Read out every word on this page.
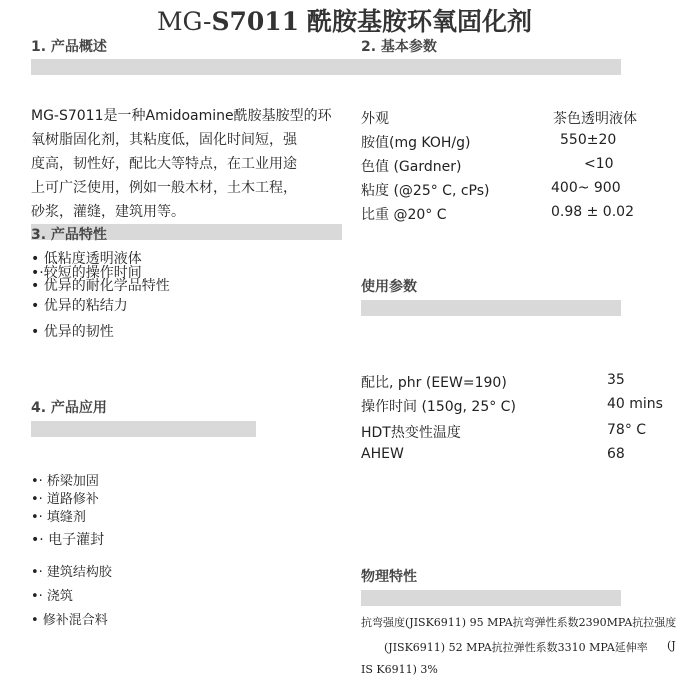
MG-S7011 酰胺基胺环氧固化剂
1. 产品概述
MG-S7011是一种Amidoamine酰胺基胺型的环
氧树脂固化剂，其粘度低，固化时间短，强
度高，韧性好，配比大等特点，在工业用途
上可广泛使用，例如一般木材，土木工程，
砂浆，灌缝，建筑用等。
3. 产品特性
• 低粘度透明液体
•·较短的操作时间
• 优异的耐化学品特性
• 优异的粘结力
• 优异的韧性
4. 产品应用
•· 桥梁加固
•· 道路修补
•· 填缝剂
•· 电子灌封
•· 建筑结构胶
•· 浇筑
• 修补混合料
2. 基本参数
外观	茶色透明液体
胺值(mg KOH/g)	550±20
色值 (Gardner)	<10
粘度 (@25° C, cPs)	400~ 900
比重 @20° C	0.98 ± 0.02
使用参数
配比, phr (EEW=190)	35
操作时间 (150g, 25° C)	40 mins
HDT热变性温度	78° C
AHEW	68
物理特性
抗弯强度(JISK6911) 95 MPA抗弯弹性系数2390MPA抗拉强度
(JISK6911) 52 MPA抗拉弹性系数3310 MPA延伸率 (J
IS K6911) 3%
